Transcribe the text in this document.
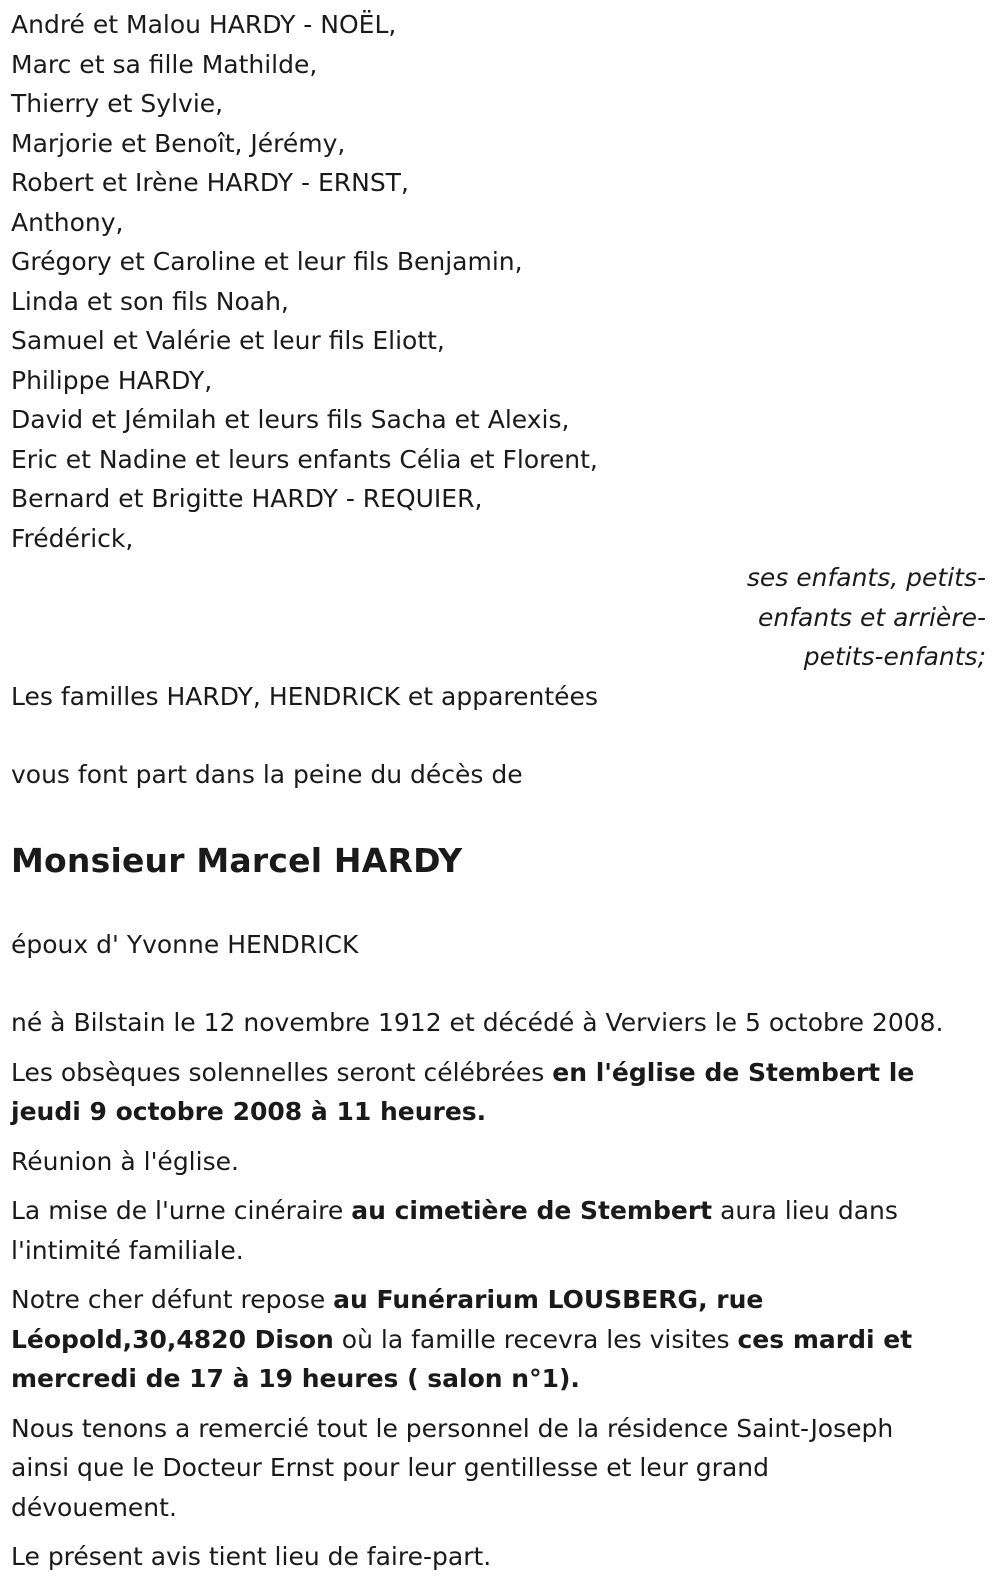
André et Malou HARDY - NOËL,
Marc et sa fille Mathilde,
Thierry et Sylvie,
Marjorie et Benoît, Jérémy,
Robert et Irène HARDY - ERNST,
Anthony,
Grégory et Caroline et leur fils Benjamin,
Linda et son fils Noah,
Samuel et Valérie et leur fils Eliott,
Philippe HARDY,
David et Jémilah et leurs fils Sacha et Alexis,
Eric et Nadine et leurs enfants Célia et Florent,
Bernard et Brigitte HARDY - REQUIER,
Frédérick,
ses enfants, petits-
enfants et arrière-
petits-enfants;
Les familles HARDY, HENDRICK et apparentées
vous font part dans la peine du décès de
Monsieur Marcel HARDY
époux d' Yvonne HENDRICK
né à Bilstain le 12 novembre 1912 et décédé à Verviers le 5 octobre 2008.
Les obsèques solennelles seront célébrées en l'église de Stembert le
jeudi 9 octobre 2008 à 11 heures.
Réunion à l'église.
La mise de l'urne cinéraire au cimetière de Stembert aura lieu dans
l'intimité familiale.
Notre cher défunt repose au Funérarium LOUSBERG, rue
Léopold,30,4820 Dison où la famille recevra les visites ces mardi et
mercredi de 17 à 19 heures ( salon n°1).
Nous tenons a remercié tout le personnel de la résidence Saint-Joseph
ainsi que le Docteur Ernst pour leur gentillesse et leur grand
dévouement.
Le présent avis tient lieu de faire-part.
